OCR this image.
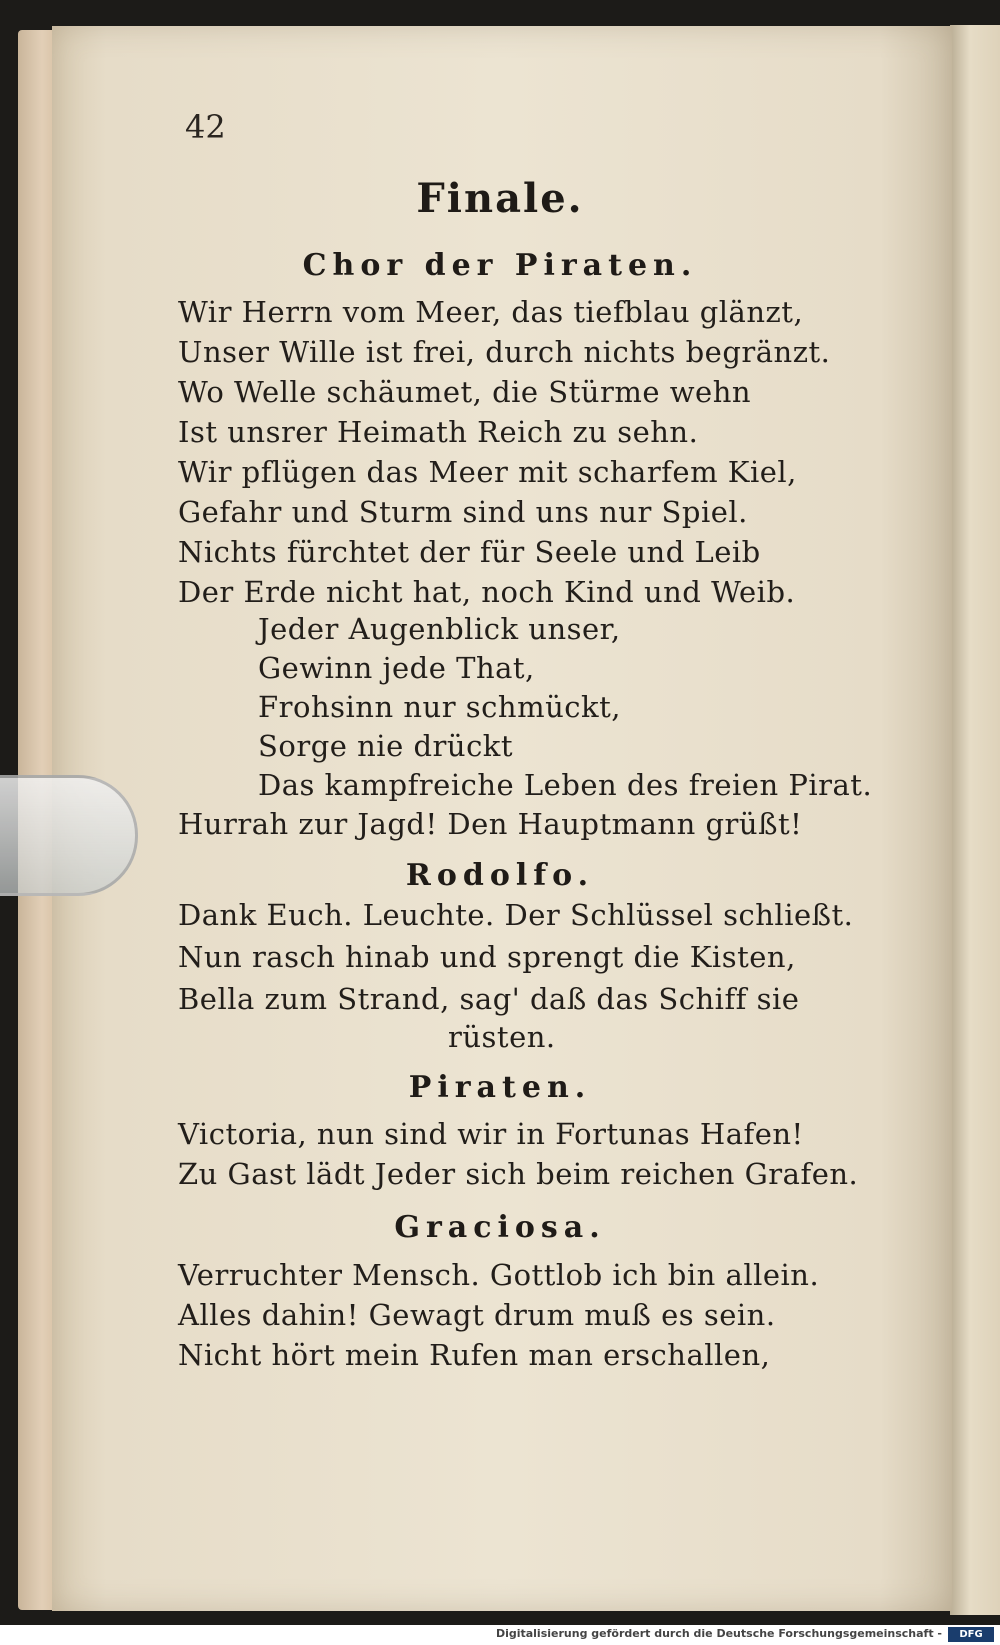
42
Finale.
Chor der Piraten.
Wir Herrn vom Meer, das tiefblau glänzt,
Unser Wille ist frei, durch nichts begränzt.
Wo Welle schäumet, die Stürme wehn
Ist unsrer Heimath Reich zu sehn.
Wir pflügen das Meer mit scharfem Kiel,
Gefahr und Sturm sind uns nur Spiel.
Nichts fürchtet der für Seele und Leib
Der Erde nicht hat, noch Kind und Weib.
Jeder Augenblick unser,
Gewinn jede That,
Frohsinn nur schmückt,
Sorge nie drückt
Das kampfreiche Leben des freien Pirat.
Hurrah zur Jagd! Den Hauptmann grüßt!
Rodolfo.
Dank Euch. Leuchte. Der Schlüssel schließt.
Nun rasch hinab und sprengt die Kisten,
Bella zum Strand, sag' daß das Schiff sie
rüsten.
Piraten.
Victoria, nun sind wir in Fortunas Hafen!
Zu Gast lädt Jeder sich beim reichen Grafen.
Graciosa.
Verruchter Mensch. Gottlob ich bin allein.
Alles dahin! Gewagt drum muß es sein.
Nicht hört mein Rufen man erschallen,
Digitalisierung gefördert durch die Deutsche Forschungsgemeinschaft -	DFG
